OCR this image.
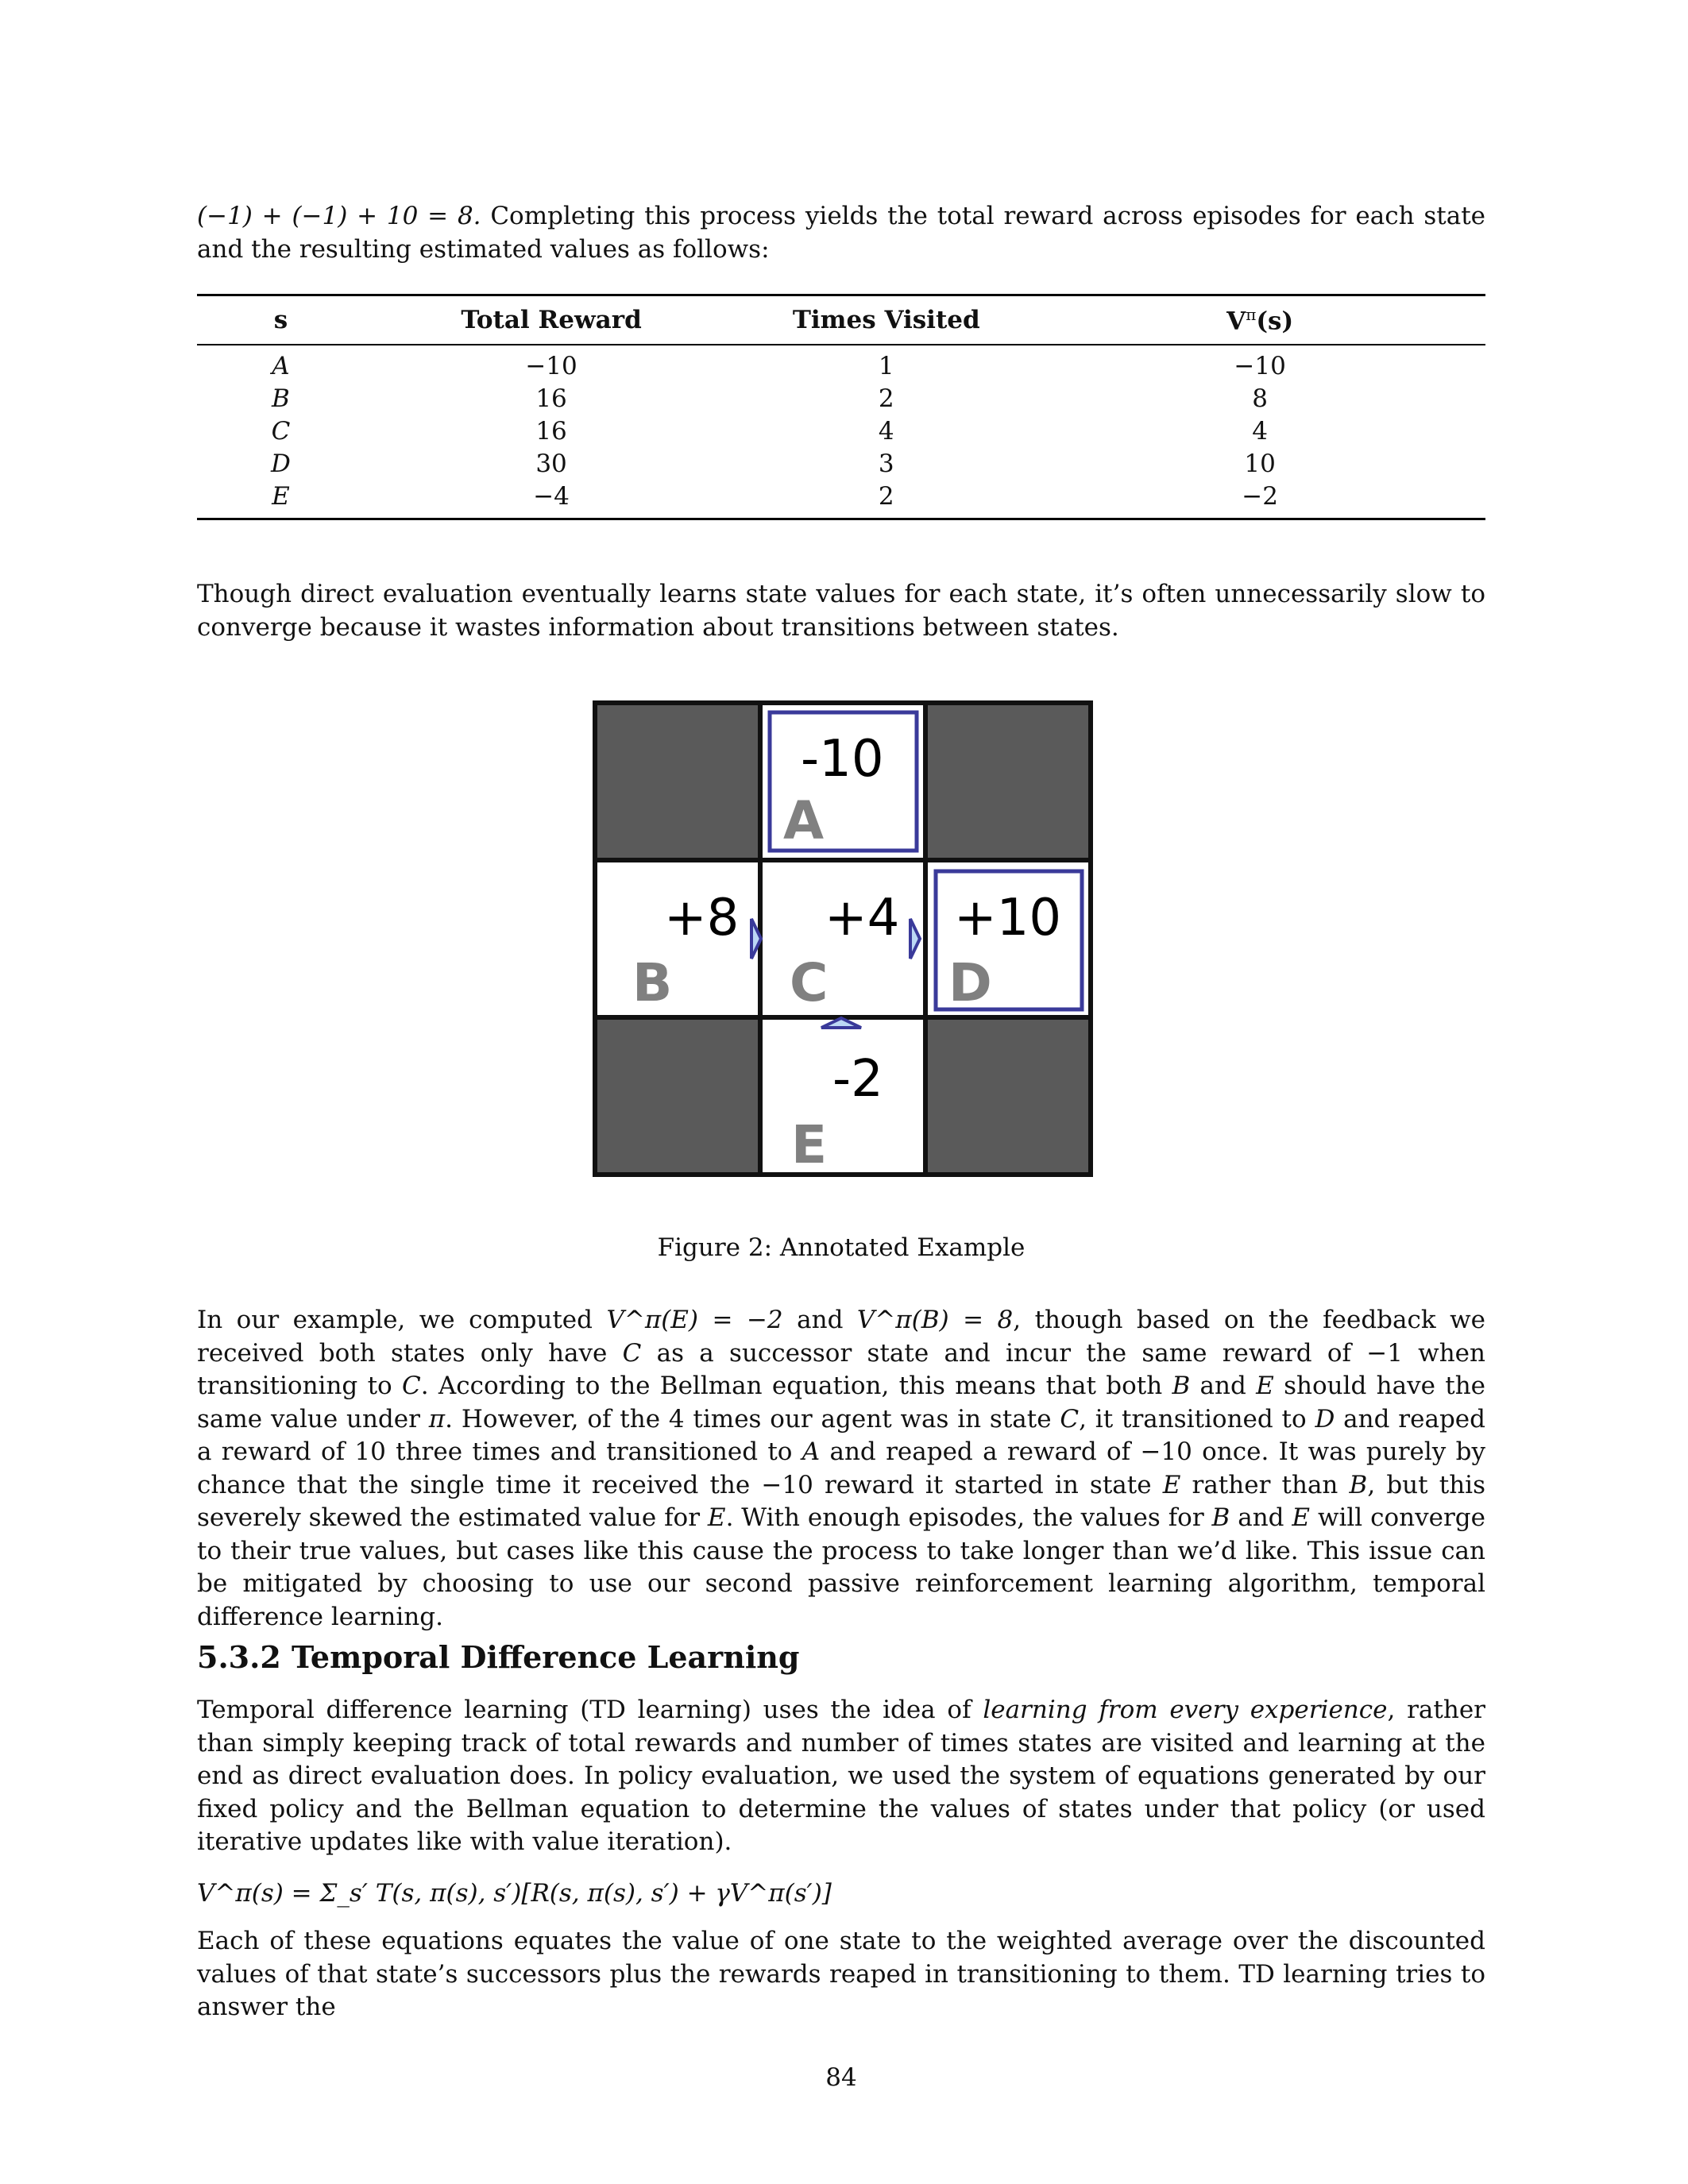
(−1) + (−1) + 10 = 8. Completing this process yields the total reward across episodes for each state and the resulting estimated values as follows:

s	Total Reward	Times Visited	$V^\pi(s)$
A	−10	1	−10
B	16	2	8
C	16	4	4
D	30	3	10
E	−4	2	−2

Though direct evaluation eventually learns state values for each state, it’s often unnecessarily slow to converge because it wastes information about transitions between states.

-10
+8 +4 +10
-2
A
B C D
E
Figure 2: Annotated Example

In our example, we computed V^π(E) = −2 and V^π(B) = 8, though based on the feedback we received both states only have C as a successor state and incur the same reward of −1 when transitioning to C. According to the Bellman equation, this means that both B and E should have the same value under π. However, of the 4 times our agent was in state C, it transitioned to D and reaped a reward of 10 three times and transitioned to A and reaped a reward of −10 once. It was purely by chance that the single time it received the −10 reward it started in state E rather than B, but this severely skewed the estimated value for E. With enough episodes, the values for B and E will converge to their true values, but cases like this cause the process to take longer than we’d like. This issue can be mitigated by choosing to use our second passive reinforcement learning algorithm, temporal difference learning.

5.3.2 Temporal Difference Learning

Temporal difference learning (TD learning) uses the idea of learning from every experience, rather than simply keeping track of total rewards and number of times states are visited and learning at the end as direct evaluation does. In policy evaluation, we used the system of equations generated by our fixed policy and the Bellman equation to determine the values of states under that policy (or used iterative updates like with value iteration).

V^π(s) = Σ_s′ T(s, π(s), s′)[R(s, π(s), s′) + γV^π(s′)]

Each of these equations equates the value of one state to the weighted average over the discounted values of that state’s successors plus the rewards reaped in transitioning to them. TD learning tries to answer the

84
